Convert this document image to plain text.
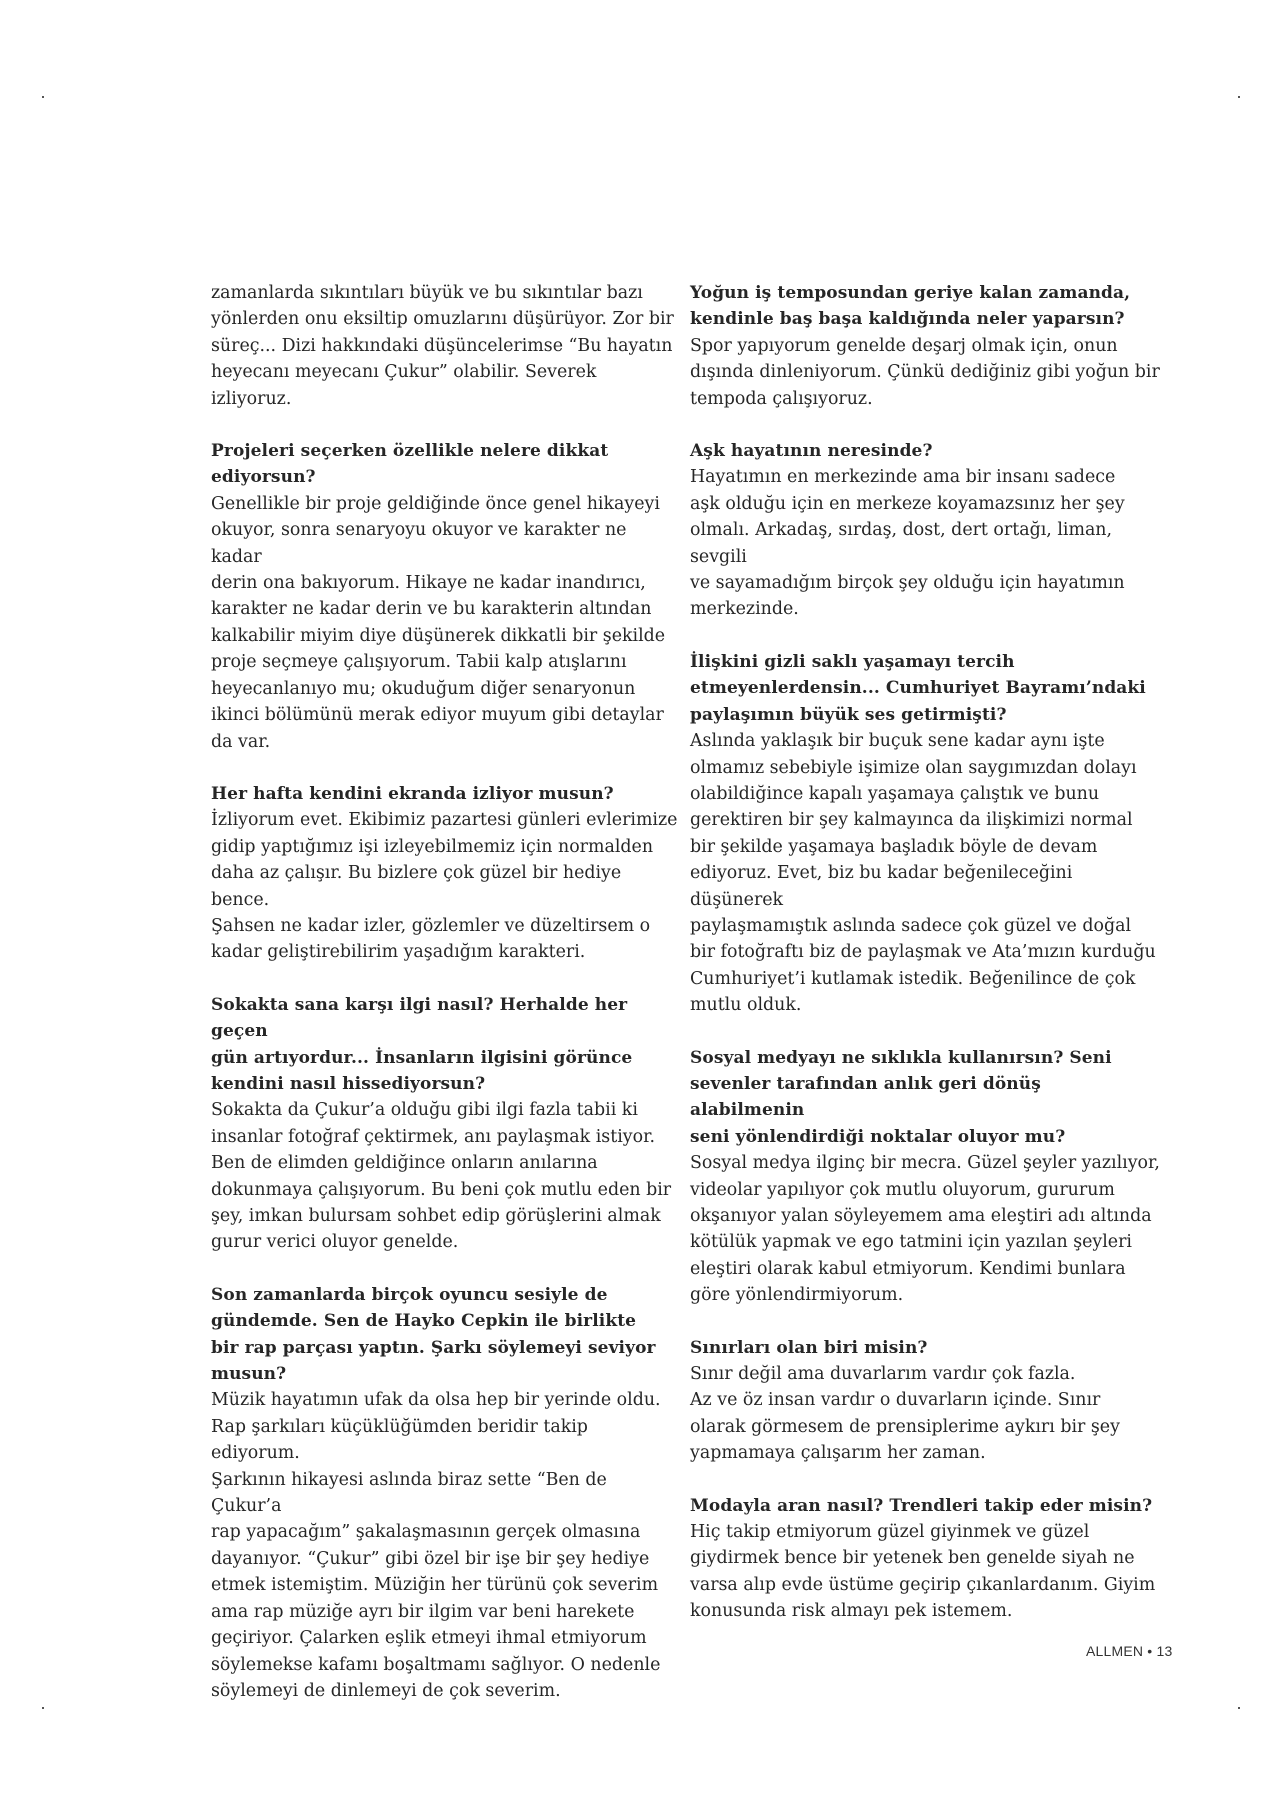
zamanlarda sıkıntıları büyük ve bu sıkıntılar bazı
yönlerden onu eksiltip omuzlarını düşürüyor. Zor bir
süreç... Dizi hakkındaki düşüncelerimse “Bu hayatın
heyecanı meyecanı Çukur” olabilir. Severek izliyoruz.

Projeleri seçerken özellikle nelere dikkat
ediyorsun?

Genellikle bir proje geldiğinde önce genel hikayeyi
okuyor, sonra senaryoyu okuyor ve karakter ne kadar
derin ona bakıyorum. Hikaye ne kadar inandırıcı,
karakter ne kadar derin ve bu karakterin altından
kalkabilir miyim diye düşünerek dikkatli bir şekilde
proje seçmeye çalışıyorum. Tabii kalp atışlarını
heyecanlanıyo mu; okuduğum diğer senaryonun
ikinci bölümünü merak ediyor muyum gibi detaylar
da var.

Her hafta kendini ekranda izliyor musun?

İzliyorum evet. Ekibimiz pazartesi günleri evlerimize
gidip yaptığımız işi izleyebilmemiz için normalden
daha az çalışır. Bu bizlere çok güzel bir hediye bence.
Şahsen ne kadar izler, gözlemler ve düzeltirsem o
kadar geliştirebilirim yaşadığım karakteri.

Sokakta sana karşı ilgi nasıl? Herhalde her geçen
gün artıyordur... İnsanların ilgisini görünce
kendini nasıl hissediyorsun?

Sokakta da Çukur’a olduğu gibi ilgi fazla tabii ki
insanlar fotoğraf çektirmek, anı paylaşmak istiyor.
Ben de elimden geldiğince onların anılarına
dokunmaya çalışıyorum. Bu beni çok mutlu eden bir
şey, imkan bulursam sohbet edip görüşlerini almak
gurur verici oluyor genelde.

Son zamanlarda birçok oyuncu sesiyle de
gündemde. Sen de Hayko Cepkin ile birlikte
bir rap parçası yaptın. Şarkı söylemeyi seviyor
musun?

Müzik hayatımın ufak da olsa hep bir yerinde oldu.
Rap şarkıları küçüklüğümden beridir takip ediyorum.
Şarkının hikayesi aslında biraz sette “Ben de Çukur’a
rap yapacağım” şakalaşmasının gerçek olmasına
dayanıyor. “Çukur” gibi özel bir işe bir şey hediye
etmek istemiştim. Müziğin her türünü çok severim
ama rap müziğe ayrı bir ilgim var beni harekete
geçiriyor. Çalarken eşlik etmeyi ihmal etmiyorum
söylemekse kafamı boşaltmamı sağlıyor. O nedenle
söylemeyi de dinlemeyi de çok severim.

Yoğun iş temposundan geriye kalan zamanda,
kendinle baş başa kaldığında neler yaparsın?

Spor yapıyorum genelde deşarj olmak için, onun
dışında dinleniyorum. Çünkü dediğiniz gibi yoğun bir
tempoda çalışıyoruz.

Aşk hayatının neresinde?

Hayatımın en merkezinde ama bir insanı sadece
aşk olduğu için en merkeze koyamazsınız her şey
olmalı. Arkadaş, sırdaş, dost, dert ortağı, liman, sevgili
ve sayamadığım birçok şey olduğu için hayatımın
merkezinde.

İlişkini gizli saklı yaşamayı tercih
etmeyenlerdensin... Cumhuriyet Bayramı’ndaki
paylaşımın büyük ses getirmişti?

Aslında yaklaşık bir buçuk sene kadar aynı işte
olmamız sebebiyle işimize olan saygımızdan dolayı
olabildiğince kapalı yaşamaya çalıştık ve bunu
gerektiren bir şey kalmayınca da ilişkimizi normal
bir şekilde yaşamaya başladık böyle de devam
ediyoruz. Evet, biz bu kadar beğenileceğini düşünerek
paylaşmamıştık aslında sadece çok güzel ve doğal
bir fotoğraftı biz de paylaşmak ve Ata’mızın kurduğu
Cumhuriyet’i kutlamak istedik. Beğenilince de çok
mutlu olduk.

Sosyal medyayı ne sıklıkla kullanırsın? Seni
sevenler tarafından anlık geri dönüş alabilmenin
seni yönlendirdiği noktalar oluyor mu?

Sosyal medya ilginç bir mecra. Güzel şeyler yazılıyor,
videolar yapılıyor çok mutlu oluyorum, gururum
okşanıyor yalan söyleyemem ama eleştiri adı altında
kötülük yapmak ve ego tatmini için yazılan şeyleri
eleştiri olarak kabul etmiyorum. Kendimi bunlara
göre yönlendirmiyorum.

Sınırları olan biri misin?

Sınır değil ama duvarlarım vardır çok fazla.
Az ve öz insan vardır o duvarların içinde. Sınır
olarak görmesem de prensiplerime aykırı bir şey
yapmamaya çalışarım her zaman.

Modayla aran nasıl? Trendleri takip eder misin?

Hiç takip etmiyorum güzel giyinmek ve güzel
giydirmek bence bir yetenek ben genelde siyah ne
varsa alıp evde üstüme geçirip çıkanlardanım. Giyim
konusunda risk almayı pek istemem.

ALLMEN • 13
